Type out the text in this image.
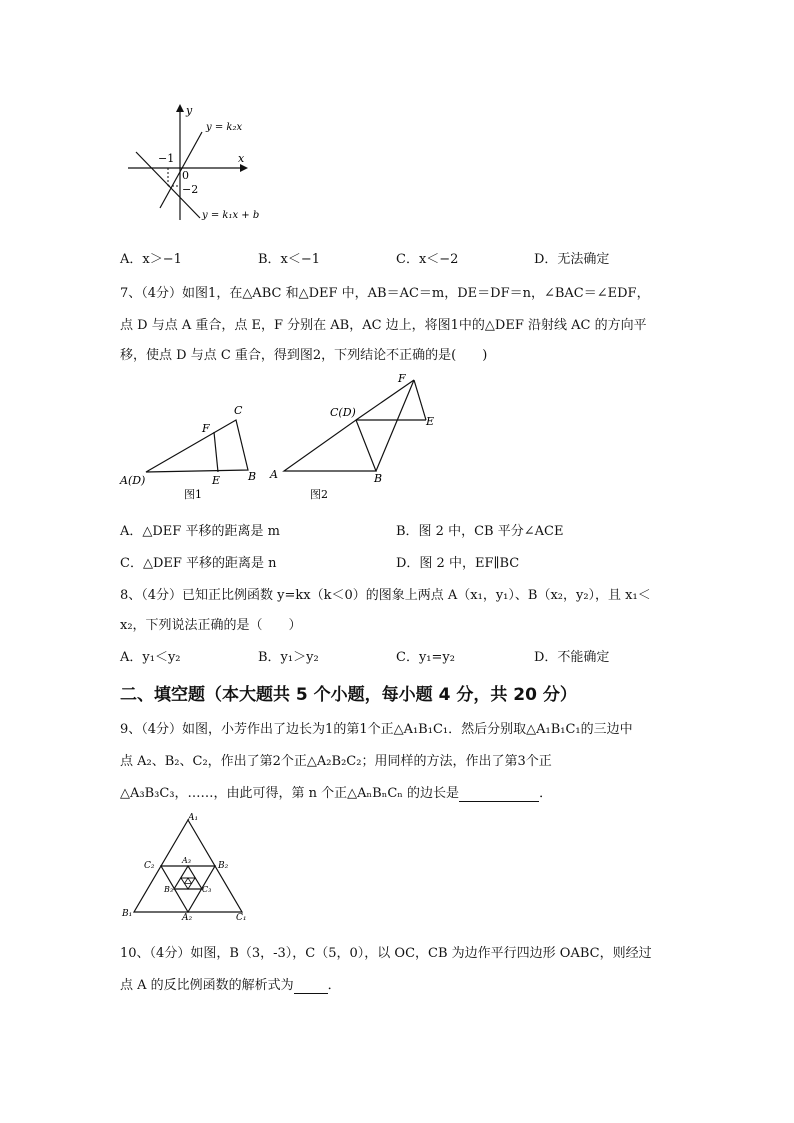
y
x
y = k₂x
y = k₁x + b
−1
0
−2
A．x＞−1	B．x＜−1	C．x＜−2	D．无法确定
7、（4分）如图1，在△ABC 和△DEF 中，AB＝AC＝m，DE＝DF＝n，∠BAC＝∠EDF，
点 D 与点 A 重合，点 E，F 分别在 AB，AC 边上，将图1中的△DEF 沿射线 AC 的方向平
移，使点 D 与点 C 重合，得到图2，下列结论不正确的是(　　)
A(D)	B
C
E
F
图1
A	B
C(D)
E
F
图2
A．△DEF 平移的距离是 m	B．图 2 中，CB 平分∠ACE
C．△DEF 平移的距离是 n	D．图 2 中，EF∥BC
8、（4分）已知正比例函数 y=kx（k＜0）的图象上两点 A（x₁，y₁）、B（x₂，y₂），且 x₁＜
x₂，下列说法正确的是（　　）
A．y₁＜y₂	B．y₁＞y₂	C．y₁=y₂	D．不能确定
二、填空题（本大题共 5 个小题，每小题 4 分，共 20 分）
9、（4分）如图，小芳作出了边长为1的第1个正△A₁B₁C₁．然后分别取△A₁B₁C₁的三边中
点 A₂、B₂、C₂，作出了第2个正△A₂B₂C₂；用同样的方法，作出了第3个正
△A₃B₃C₃，……，由此可得，第 n 个正△AₙBₙCₙ 的边长是	．
A₁
B₁	C₁
A₂
B₂
C₂
A₃
B₃	C₃
10、（4分）如图，B（3，-3），C（5，0），以 OC，CB 为边作平行四边形 OABC，则经过
点 A 的反比例函数的解析式为	．
